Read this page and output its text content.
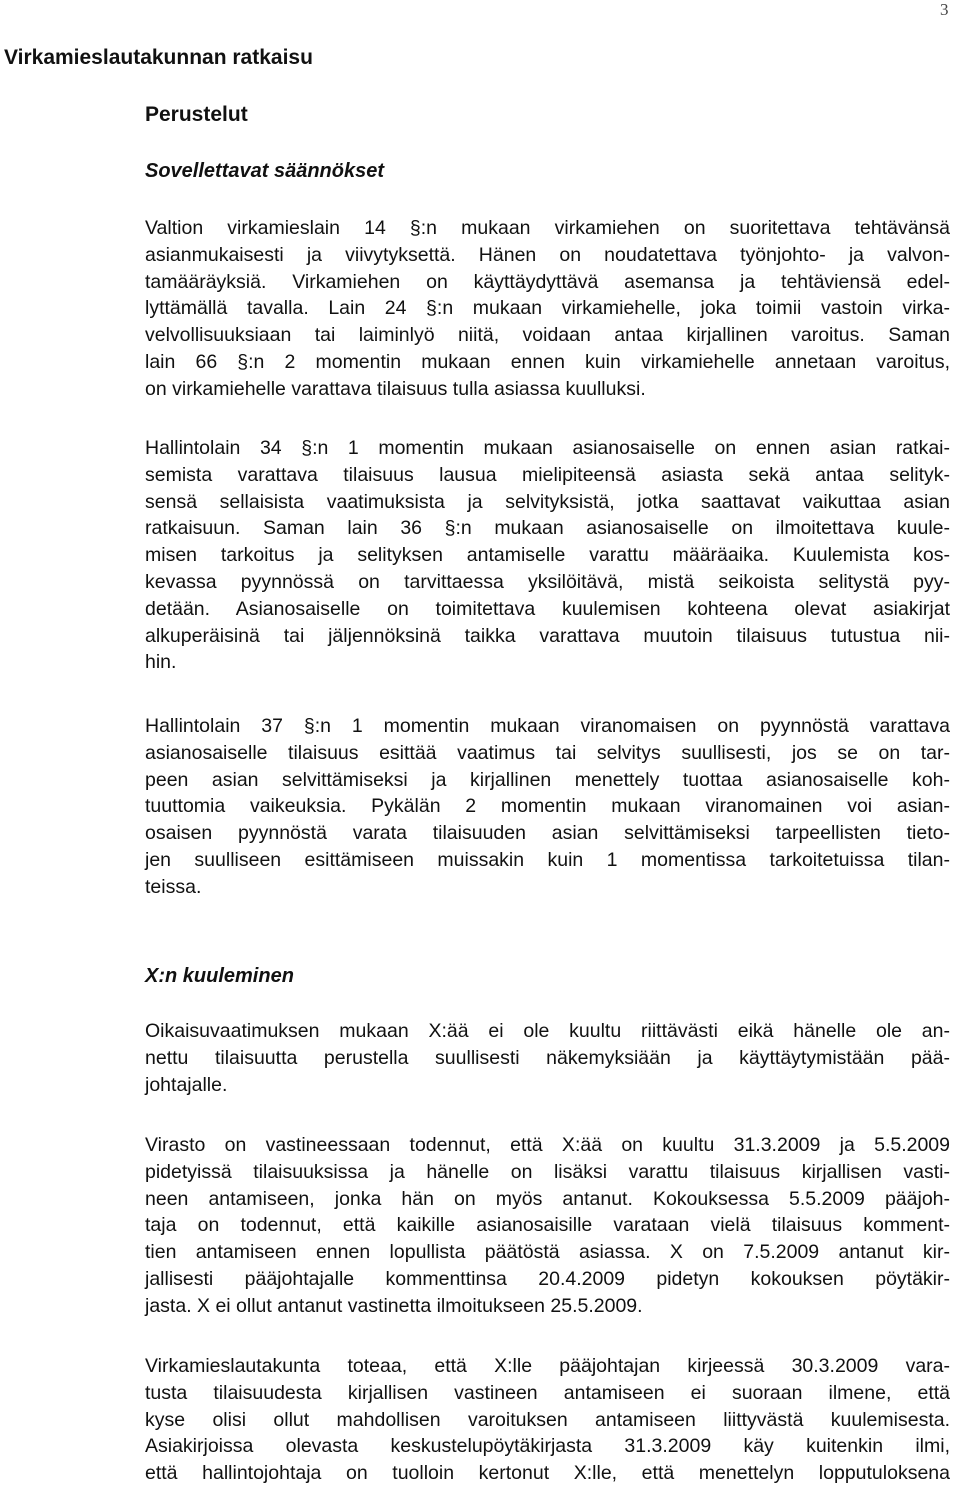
3
Virkamieslautakunnan ratkaisu
Perustelut
Sovellettavat säännökset

Valtion virkamieslain 14 §:n mukaan virkamiehen on suoritettava tehtävänsä
asianmukaisesti ja viivytyksettä. Hänen on noudatettava työnjohto- ja valvon-
tamääräyksiä. Virkamiehen on käyttäydyttävä asemansa ja tehtäviensä edel-
lyttämällä tavalla. Lain 24 §:n mukaan virkamiehelle, joka toimii vastoin virka-
velvollisuuksiaan tai laiminlyö niitä, voidaan antaa kirjallinen varoitus. Saman
lain 66 §:n 2 momentin mukaan ennen kuin virkamiehelle annetaan varoitus,
on virkamiehelle varattava tilaisuus tulla asiassa kuulluksi.

Hallintolain 34 §:n 1 momentin mukaan asianosaiselle on ennen asian ratkai-
semista varattava tilaisuus lausua mielipiteensä asiasta sekä antaa selityk-
sensä sellaisista vaatimuksista ja selvityksistä, jotka saattavat vaikuttaa asian
ratkaisuun. Saman lain 36 §:n mukaan asianosaiselle on ilmoitettava kuule-
misen tarkoitus ja selityksen antamiselle varattu määräaika. Kuulemista kos-
kevassa pyynnössä on tarvittaessa yksilöitävä, mistä seikoista selitystä pyy-
detään. Asianosaiselle on toimitettava kuulemisen kohteena olevat asiakirjat
alkuperäisinä tai jäljennöksinä taikka varattava muutoin tilaisuus tutustua nii-
hin.

Hallintolain 37 §:n 1 momentin mukaan viranomaisen on pyynnöstä varattava
asianosaiselle tilaisuus esittää vaatimus tai selvitys suullisesti, jos se on tar-
peen asian selvittämiseksi ja kirjallinen menettely tuottaa asianosaiselle koh-
tuuttomia vaikeuksia. Pykälän 2 momentin mukaan viranomainen voi asian-
osaisen pyynnöstä varata tilaisuuden asian selvittämiseksi tarpeellisten tieto-
jen suulliseen esittämiseen muissakin kuin 1 momentissa tarkoitetuissa tilan-
teissa.

X:n kuuleminen

Oikaisuvaatimuksen mukaan X:ää ei ole kuultu riittävästi eikä hänelle ole an-
nettu tilaisuutta perustella suullisesti näkemyksiään ja käyttäytymistään pää-
johtajalle.

Virasto on vastineessaan todennut, että X:ää on kuultu 31.3.2009 ja 5.5.2009
pidetyissä tilaisuuksissa ja hänelle on lisäksi varattu tilaisuus kirjallisen vasti-
neen antamiseen, jonka hän on myös antanut. Kokouksessa 5.5.2009 pääjoh-
taja on todennut, että kaikille asianosaisille varataan vielä tilaisuus komment-
tien antamiseen ennen lopullista päätöstä asiassa. X on 7.5.2009 antanut kir-
jallisesti pääjohtajalle kommenttinsa 20.4.2009 pidetyn kokouksen pöytäkir-
jasta. X ei ollut antanut vastinetta ilmoitukseen 25.5.2009.

Virkamieslautakunta toteaa, että X:lle pääjohtajan kirjeessä 30.3.2009 vara-
tusta tilaisuudesta kirjallisen vastineen antamiseen ei suoraan ilmene, että
kyse olisi ollut mahdollisen varoituksen antamiseen liittyvästä kuulemisesta.
Asiakirjoissa olevasta keskustelupöytäkirjasta 31.3.2009 käy kuitenkin ilmi,
että hallintojohtaja on tuolloin kertonut X:lle, että menettelyn lopputuloksena
